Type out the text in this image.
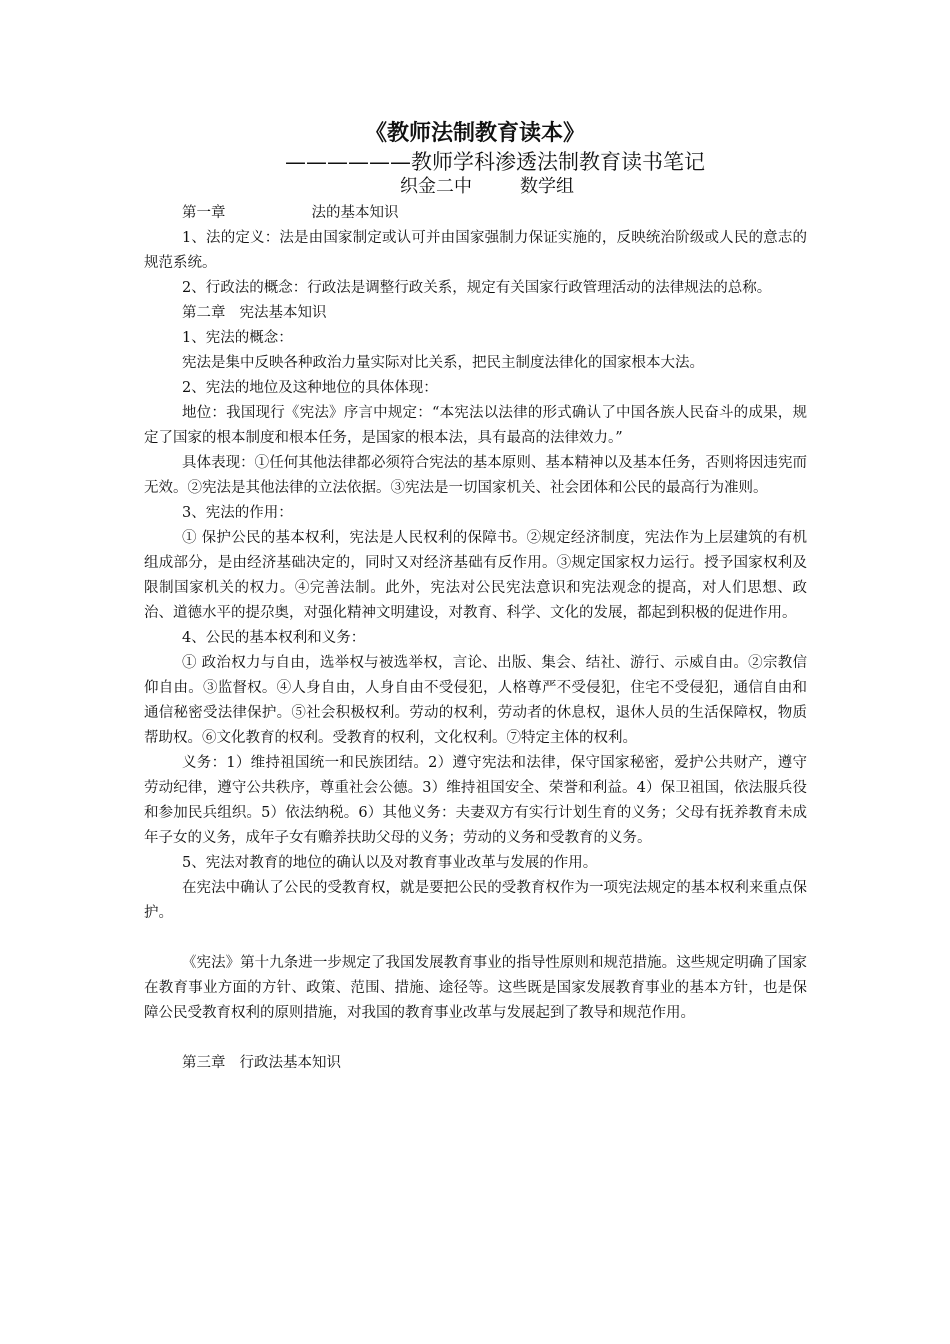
《教师法制教育读本》
——————教师学科渗透法制教育读书笔记
织金二中	数学组

第一章	法的基本知识

1、法的定义：法是由国家制定或认可并由国家强制力保证实施的，反映统治阶级或人民的意志的规范系统。

2、行政法的概念：行政法是调整行政关系，规定有关国家行政管理活动的法律规法的总称。

第二章 宪法基本知识

1、宪法的概念：

宪法是集中反映各种政治力量实际对比关系，把民主制度法律化的国家根本大法。

2、宪法的地位及这种地位的具体体现：

地位：我国现行《宪法》序言中规定：“本宪法以法律的形式确认了中国各族人民奋斗的成果，规定了国家的根本制度和根本任务，是国家的根本法，具有最高的法律效力。”

具体表现：①任何其他法律都必须符合宪法的基本原则、基本精神以及基本任务，否则将因违宪而无效。②宪法是其他法律的立法依据。③宪法是一切国家机关、社会团体和公民的最高行为准则。

3、宪法的作用：

① 保护公民的基本权利，宪法是人民权利的保障书。②规定经济制度，宪法作为上层建筑的有机组成部分，是由经济基础决定的，同时又对经济基础有反作用。③规定国家权力运行。授予国家权利及限制国家机关的权力。④完善法制。此外，宪法对公民宪法意识和宪法观念的提高，对人们思想、政治、道德水平的提尕奥，对强化精神文明建设，对教育、科学、文化的发展，都起到积极的促进作用。

4、公民的基本权利和义务：

① 政治权力与自由，选举权与被选举权，言论、出版、集会、结社、游行、示威自由。②宗教信仰自由。③监督权。④人身自由，人身自由不受侵犯，人格尊严不受侵犯，住宅不受侵犯，通信自由和通信秘密受法律保护。⑤社会积极权利。劳动的权利，劳动者的休息权，退休人员的生活保障权，物质帮助权。⑥文化教育的权利。受教育的权利，文化权利。⑦特定主体的权利。

义务：1）维持祖国统一和民族团结。2）遵守宪法和法律，保守国家秘密，爱护公共财产，遵守劳动纪律，遵守公共秩序，尊重社会公德。3）维持祖国安全、荣誉和利益。4）保卫祖国，依法服兵役和参加民兵组织。5）依法纳税。6）其他义务：夫妻双方有实行计划生育的义务；父母有抚养教育未成年子女的义务，成年子女有赡养扶助父母的义务；劳动的义务和受教育的义务。

5、宪法对教育的地位的确认以及对教育事业改革与发展的作用。

在宪法中确认了公民的受教育权，就是要把公民的受教育权作为一项宪法规定的基本权利来重点保护。

《宪法》第十九条进一步规定了我国发展教育事业的指导性原则和规范措施。这些规定明确了国家在教育事业方面的方针、政策、范围、措施、途径等。这些既是国家发展教育事业的基本方针，也是保障公民受教育权利的原则措施，对我国的教育事业改革与发展起到了教导和规范作用。

第三章 行政法基本知识
